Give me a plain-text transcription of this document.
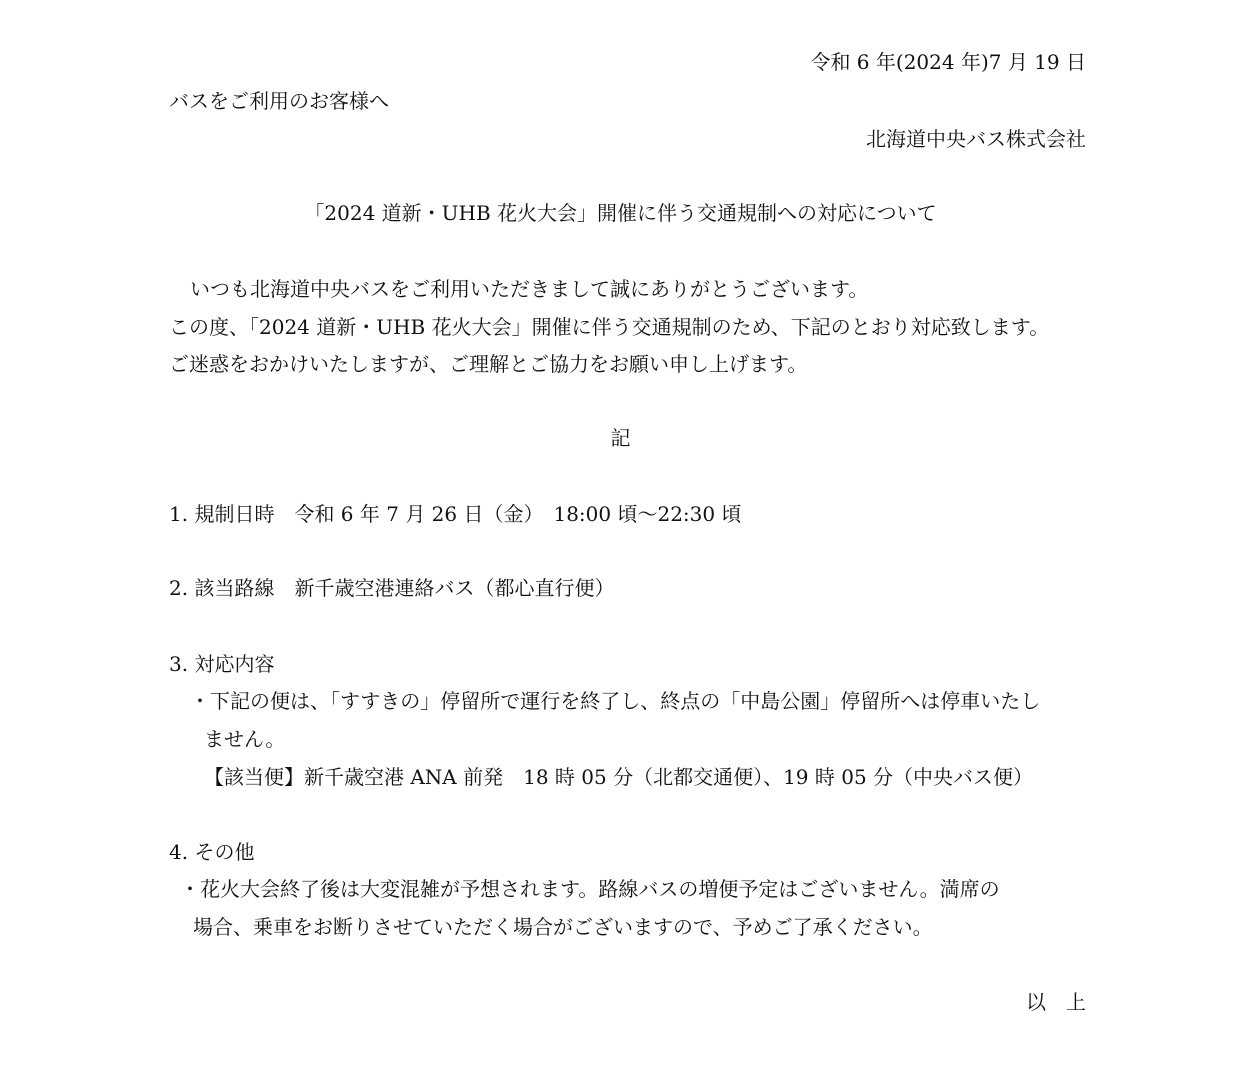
令和 6 年(2024 年)7 月 19 日
バスをご利用のお客様へ
北海道中央バス株式会社
「2024 道新・UHB 花火大会」開催に伴う交通規制への対応について
いつも北海道中央バスをご利用いただきまして誠にありがとうございます。
この度、「2024 道新・UHB 花火大会」開催に伴う交通規制のため、下記のとおり対応致します。
ご迷惑をおかけいたしますが、ご理解とご協力をお願い申し上げます。
記
1. 規制日時　令和 6 年 7 月 26 日（金）　18:00 頃～22:30 頃
2. 該当路線　新千歳空港連絡バス（都心直行便）
3. 対応内容
・下記の便は、「すすきの」停留所で運行を終了し、終点の「中島公園」停留所へは停車いたし
ません。
【該当便】新千歳空港 ANA 前発　18 時 05 分（北都交通便）、19 時 05 分（中央バス便）
4. その他
・花火大会終了後は大変混雑が予想されます。路線バスの増便予定はございません。満席の
場合、乗車をお断りさせていただく場合がございますので、予めご了承ください。
以　上
